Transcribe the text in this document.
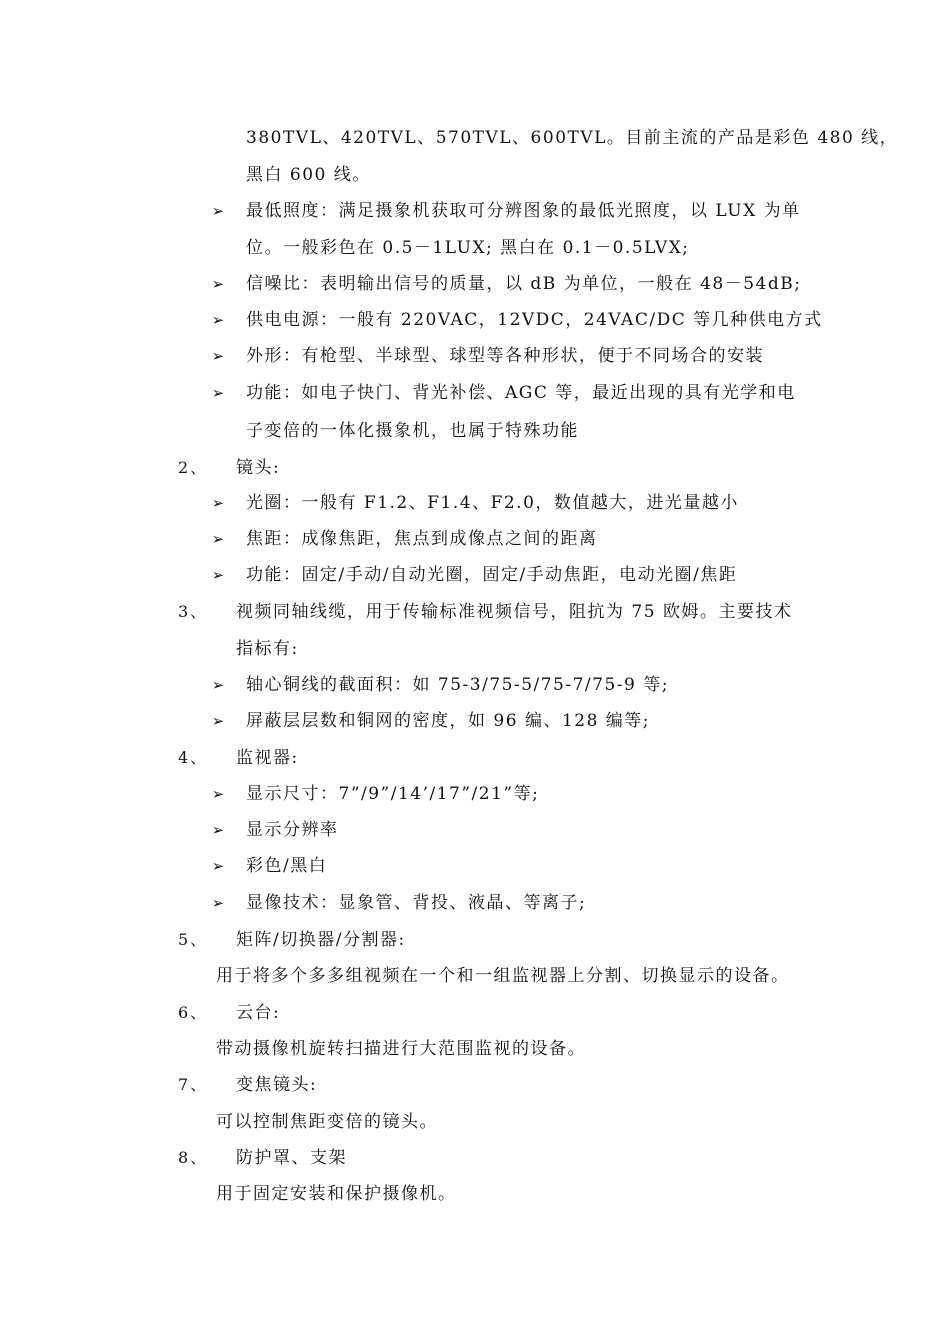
380TVL、420TVL、570TVL、600TVL。目前主流的产品是彩色 480 线，
黑白 600 线。
➢ 最低照度：满足摄象机获取可分辨图象的最低光照度，以 LUX 为单
位。一般彩色在 0.5－1LUX; 黑白在 0.1－0.5LVX;
➢ 信噪比：表明输出信号的质量，以 dB 为单位，一般在 48－54dB;
➢ 供电电源：一般有 220VAC，12VDC，24VAC/DC 等几种供电方式
➢ 外形：有枪型、半球型、球型等各种形状，便于不同场合的安装
➢ 功能：如电子快门、背光补偿、AGC 等，最近出现的具有光学和电
子变倍的一体化摄象机，也属于特殊功能
2、 镜头:
➢ 光圈：一般有 F1.2、F1.4、F2.0，数值越大，进光量越小
➢ 焦距：成像焦距，焦点到成像点之间的距离
➢ 功能：固定/手动/自动光圈，固定/手动焦距，电动光圈/焦距
3、 视频同轴线缆，用于传输标准视频信号，阻抗为 75 欧姆。主要技术
指标有:
➢ 轴心铜线的截面积：如 75-3/75-5/75-7/75-9 等;
➢ 屏蔽层层数和铜网的密度，如 96 编、128 编等;
4、 监视器:
➢ 显示尺寸：7”/9”/14’/17”/21”等;
➢ 显示分辨率
➢ 彩色/黑白
➢ 显像技术：显象管、背投、液晶、等离子;
5、 矩阵/切换器/分割器:
用于将多个多多组视频在一个和一组监视器上分割、切换显示的设备。
6、 云台:
带动摄像机旋转扫描进行大范围监视的设备。
7、 变焦镜头:
可以控制焦距变倍的镜头。
8、 防护罩、支架
用于固定安装和保护摄像机。
